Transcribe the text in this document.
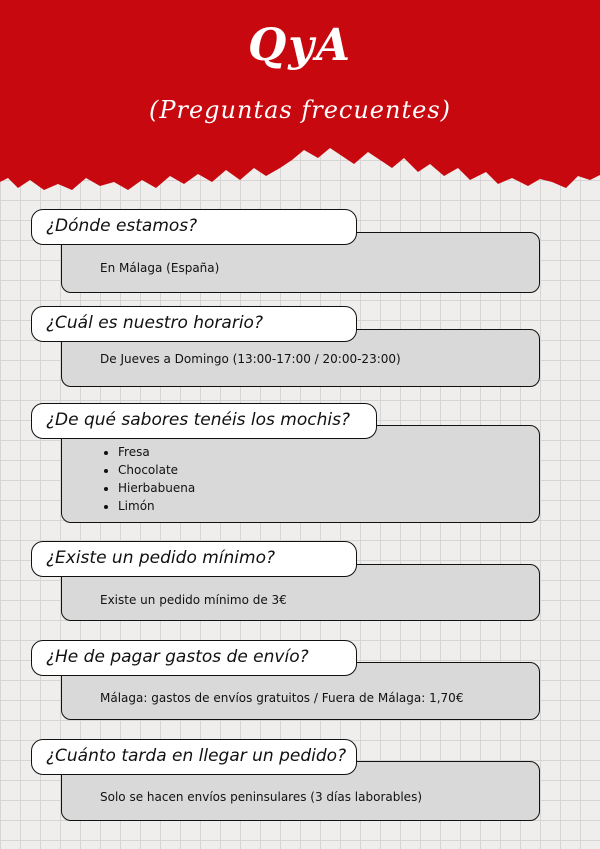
QyA
(Preguntas frecuentes)

En Málaga (España)

¿Dónde estamos?

De Jueves a Domingo (13:00-17:00 / 20:00-23:00)

¿Cuál es nuestro horario?
• Fresa
• Chocolate
• Hierbabuena
• Limón
¿De qué sabores tenéis los mochis?

Existe un pedido mínimo de 3€

¿Existe un pedido mínimo?

Málaga: gastos de envíos gratuitos / Fuera de Málaga: 1,70€

¿He de pagar gastos de envío?

Solo se hacen envíos peninsulares (3 días laborables)

¿Cuánto tarda en llegar un pedido?
